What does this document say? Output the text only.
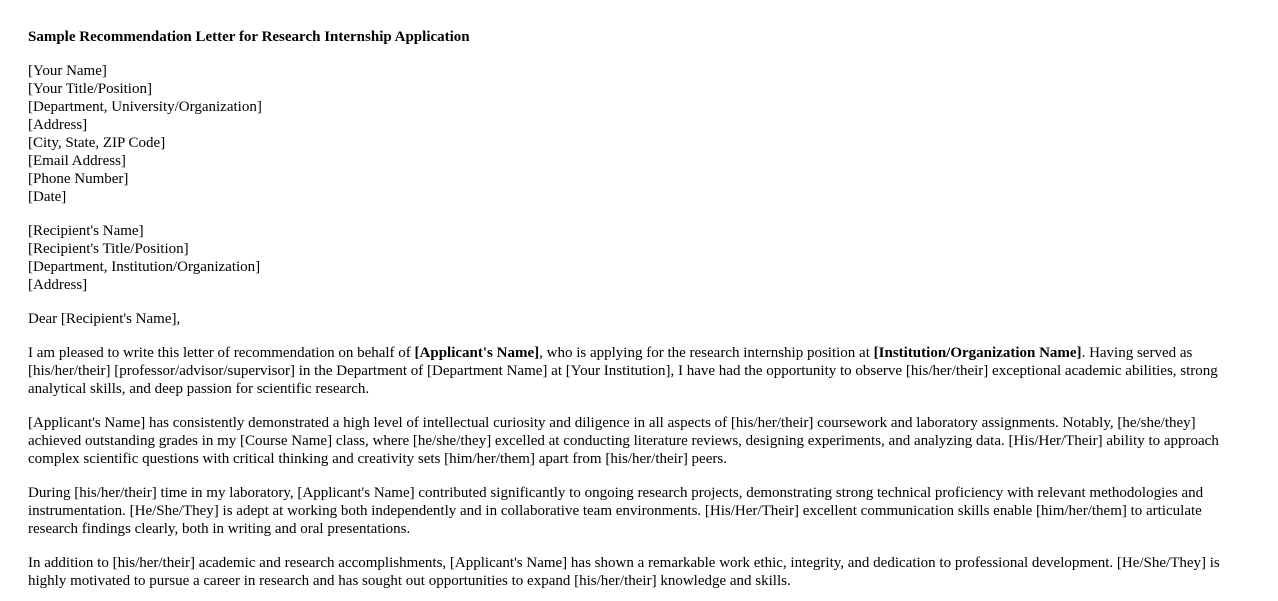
Sample Recommendation Letter for Research Internship Application
[Your Name]
[Your Title/Position]
[Department, University/Organization]
[Address]
[City, State, ZIP Code]
[Email Address]
[Phone Number]
[Date]
[Recipient's Name]
[Recipient's Title/Position]
[Department, Institution/Organization]
[Address]

Dear [Recipient's Name],

I am pleased to write this letter of recommendation on behalf of [Applicant's Name], who is applying for the research internship position at [Institution/Organization Name]. Having served as [his/her/their] [professor/advisor/supervisor] in the Department of [Department Name] at [Your Institution], I have had the opportunity to observe [his/her/their] exceptional academic abilities, strong analytical skills, and deep passion for scientific research.

[Applicant's Name] has consistently demonstrated a high level of intellectual curiosity and diligence in all aspects of [his/her/their] coursework and laboratory assignments. Notably, [he/she/they] achieved outstanding grades in my [Course Name] class, where [he/she/they] excelled at conducting literature reviews, designing experiments, and analyzing data. [His/Her/Their] ability to approach complex scientific questions with critical thinking and creativity sets [him/her/them] apart from [his/her/their] peers.

During [his/her/their] time in my laboratory, [Applicant's Name] contributed significantly to ongoing research projects, demonstrating strong technical proficiency with relevant methodologies and instrumentation. [He/She/They] is adept at working both independently and in collaborative team environments. [His/Her/Their] excellent communication skills enable [him/her/them] to articulate research findings clearly, both in writing and oral presentations.

In addition to [his/her/their] academic and research accomplishments, [Applicant's Name] has shown a remarkable work ethic, integrity, and dedication to professional development. [He/She/They] is highly motivated to pursue a career in research and has sought out opportunities to expand [his/her/their] knowledge and skills.
